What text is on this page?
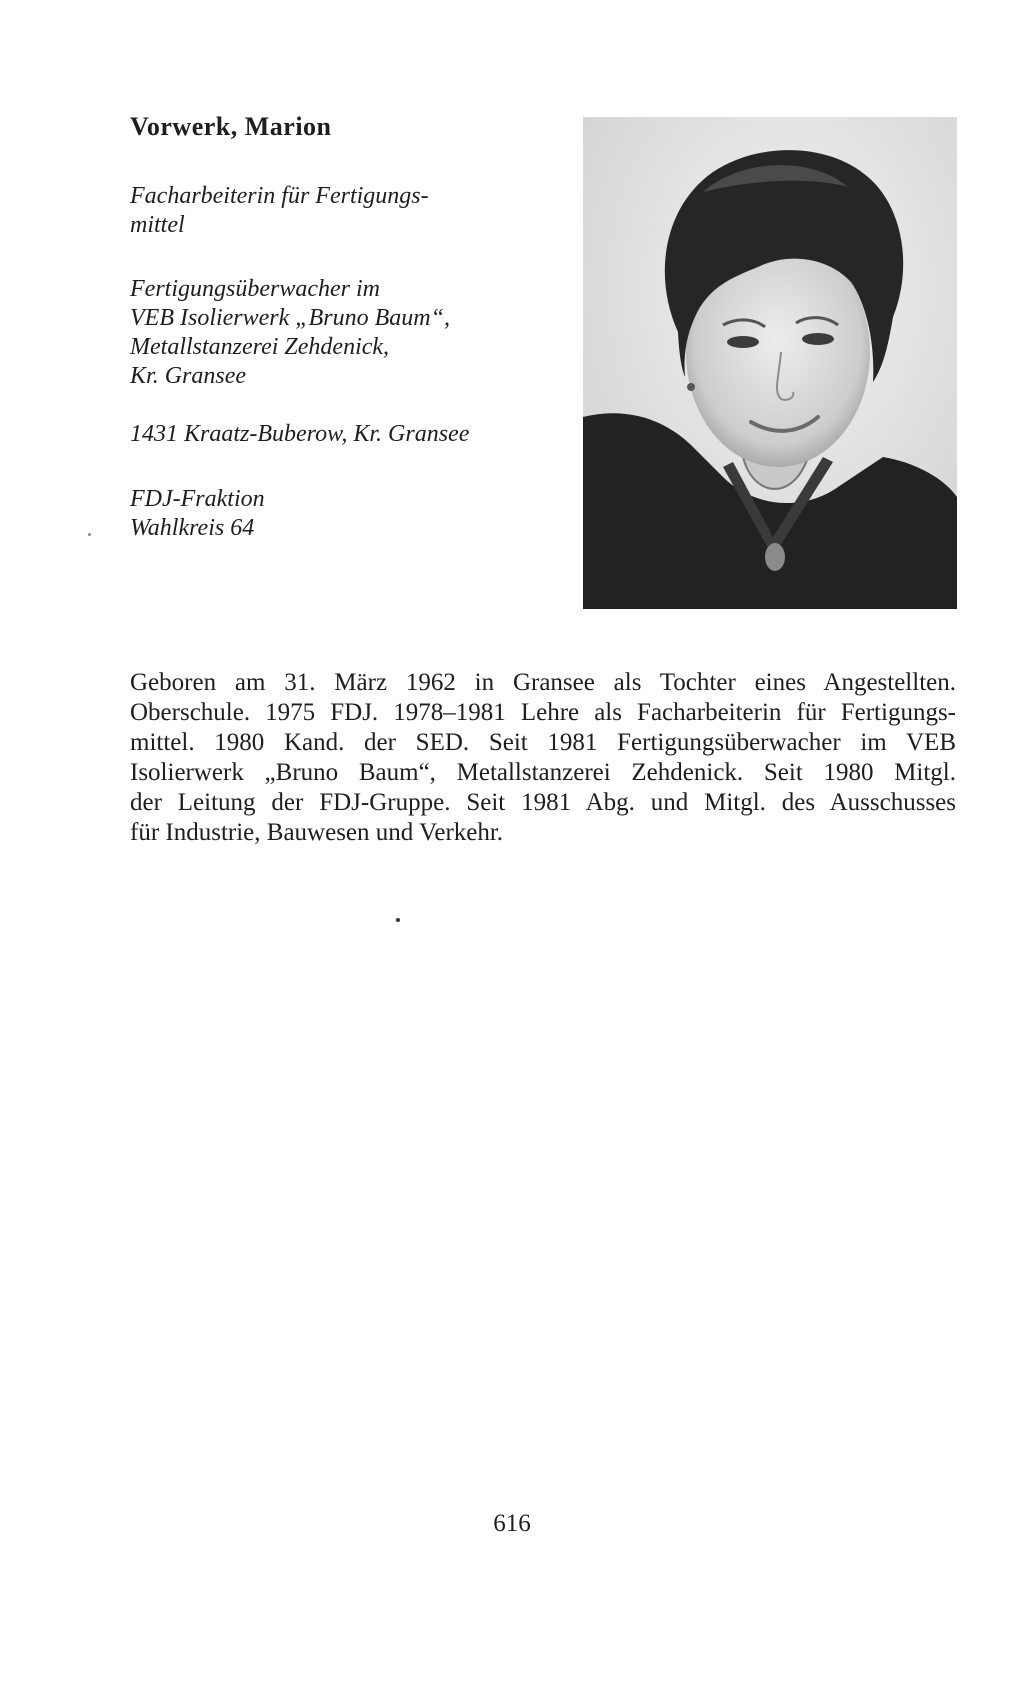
Vorwerk, Marion
Facharbeiterin für Fertigungs-
mittel
Fertigungsüberwacher im
VEB Isolierwerk „Bruno Baum“,
Metallstanzerei Zehdenick,
Kr. Gransee
1431 Kraatz-Buberow, Kr. Gransee
FDJ-Fraktion
Wahlkreis 64
Geboren am 31. März 1962 in Gransee als Tochter eines Angestellten.
Oberschule. 1975 FDJ. 1978–1981 Lehre als Facharbeiterin für Fertigungs-
mittel. 1980 Kand. der SED. Seit 1981 Fertigungsüberwacher im VEB
Isolierwerk „Bruno Baum“, Metallstanzerei Zehdenick. Seit 1980 Mitgl.
der Leitung der FDJ-Gruppe. Seit 1981 Abg. und Mitgl. des Ausschusses
für Industrie, Bauwesen und Verkehr.
616
